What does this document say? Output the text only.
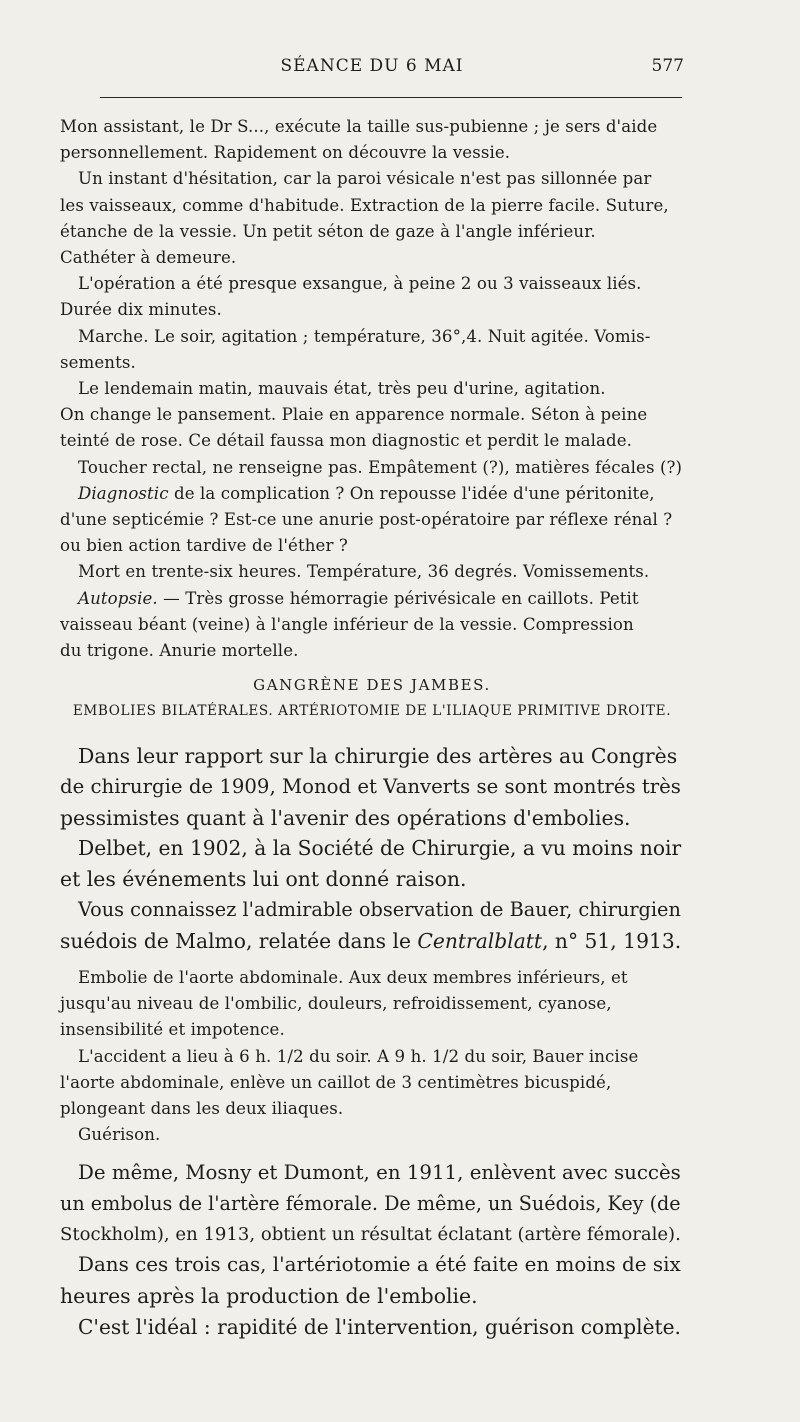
SÉANCE DU 6 MAI	577
Mon assistant, le Dr S..., exécute la taille sus-pubienne ; je sers d'aide
personnellement. Rapidement on découvre la vessie.
Un instant d'hésitation, car la paroi vésicale n'est pas sillonnée par
les vaisseaux, comme d'habitude. Extraction de la pierre facile. Suture,
étanche de la vessie. Un petit séton de gaze à l'angle inférieur.
Cathéter à demeure.
L'opération a été presque exsangue, à peine 2 ou 3 vaisseaux liés.
Durée dix minutes.
Marche. Le soir, agitation ; température, 36°,4. Nuit agitée. Vomis-
sements.
Le lendemain matin, mauvais état, très peu d'urine, agitation.
On change le pansement. Plaie en apparence normale. Séton à peine
teinté de rose. Ce détail faussa mon diagnostic et perdit le malade.
Toucher rectal, ne renseigne pas. Empâtement (?), matières fécales (?)
Diagnostic de la complication ? On repousse l'idée d'une péritonite,
d'une septicémie ? Est-ce une anurie post-opératoire par réflexe rénal ?
ou bien action tardive de l'éther ?
Mort en trente-six heures. Température, 36 degrés. Vomissements.
Autopsie. — Très grosse hémorragie périvésicale en caillots. Petit
vaisseau béant (veine) à l'angle inférieur de la vessie. Compression
du trigone. Anurie mortelle.
GANGRÈNE DES JAMBES.
EMBOLIES BILATÉRALES. ARTÉRIOTOMIE DE L'ILIAQUE PRIMITIVE DROITE.
Dans leur rapport sur la chirurgie des artères au Congrès
de chirurgie de 1909, Monod et Vanverts se sont montrés très
pessimistes quant à l'avenir des opérations d'embolies.
Delbet, en 1902, à la Société de Chirurgie, a vu moins noir
et les événements lui ont donné raison.
Vous connaissez l'admirable observation de Bauer, chirurgien
suédois de Malmo, relatée dans le Centralblatt, n° 51, 1913.
Embolie de l'aorte abdominale. Aux deux membres inférieurs, et
jusqu'au niveau de l'ombilic, douleurs, refroidissement, cyanose,
insensibilité et impotence.
L'accident a lieu à 6 h. 1/2 du soir. A 9 h. 1/2 du soir, Bauer incise
l'aorte abdominale, enlève un caillot de 3 centimètres bicuspidé,
plongeant dans les deux iliaques.
Guérison.
De même, Mosny et Dumont, en 1911, enlèvent avec succès
un embolus de l'artère fémorale. De même, un Suédois, Key (de
Stockholm), en 1913, obtient un résultat éclatant (artère fémorale).
Dans ces trois cas, l'artériotomie a été faite en moins de six
heures après la production de l'embolie.
C'est l'idéal : rapidité de l'intervention, guérison complète.
